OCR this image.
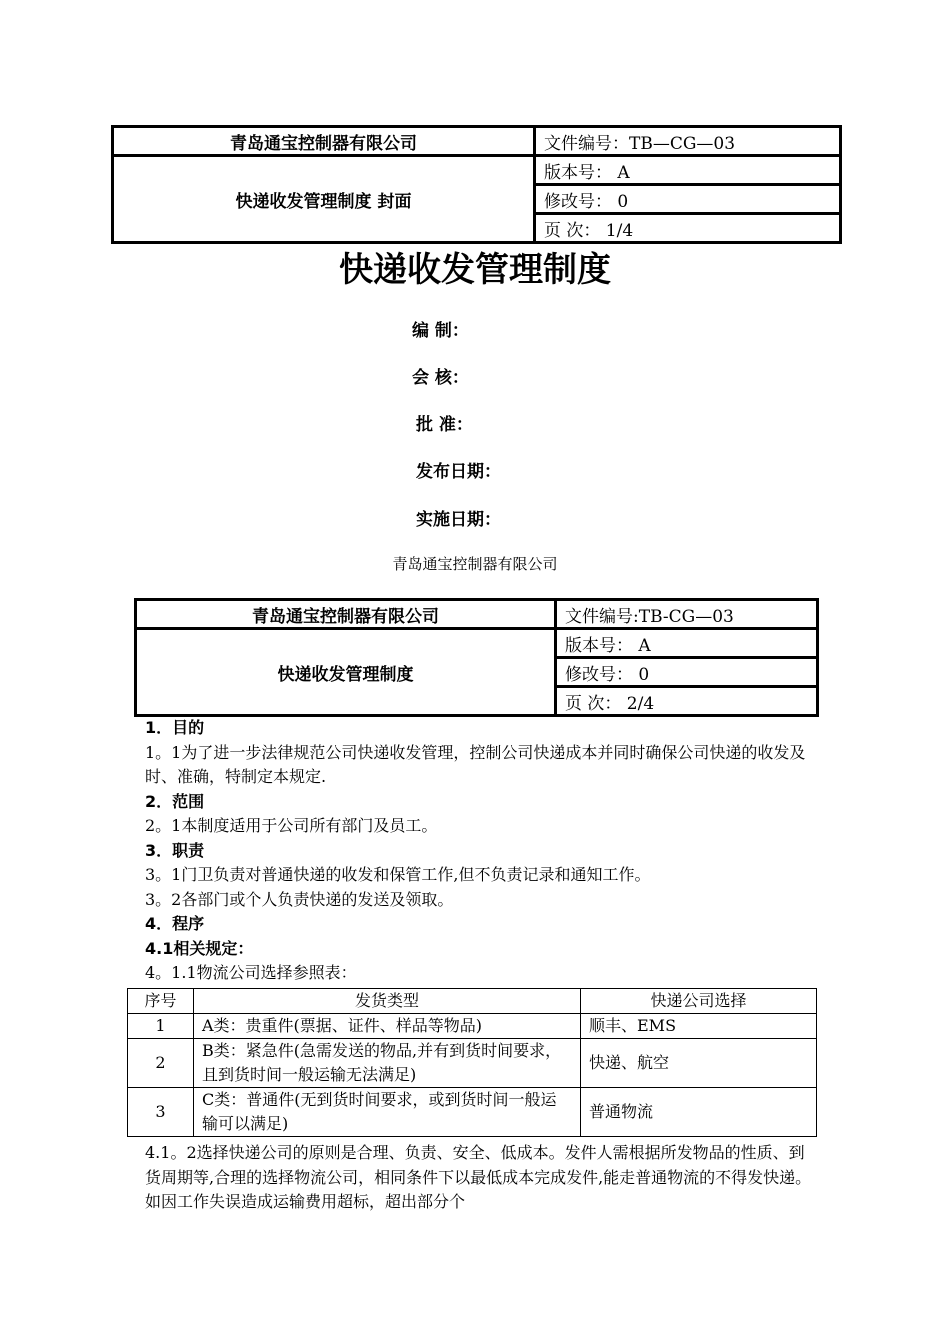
青岛通宝控制器有限公司	文件编号：TB—CG—03
快递收发管理制度 封面	版本号： A
	修改号： 0
	页 次： 1/4
快递收发管理制度
编 制：
会 核：
批 准：
发布日期：
实施日期：
青岛通宝控制器有限公司
青岛通宝控制器有限公司	文件编号:TB-CG—03
快递收发管理制度	版本号： A
	修改号： 0
	页 次： 2/4
1．目的
1。1为了进一步法律规范公司快递收发管理，控制公司快递成本并同时确保公司快递的收发及时、准确，特制定本规定.
2．范围
2。1本制度适用于公司所有部门及员工。
3．职责
3。1门卫负责对普通快递的收发和保管工作,但不负责记录和通知工作。
3。2各部门或个人负责快递的发送及领取。
4．程序
4.1相关规定：
4。1.1物流公司选择参照表：
序号	发货类型	快递公司选择
1	A类：贵重件(票据、证件、样品等物品)	顺丰、EMS
2	B类：紧急件(急需发送的物品,并有到货时间要求，且到货时间一般运输无法满足)	快递、航空
3	C类：普通件(无到货时间要求，或到货时间一般运输可以满足)	普通物流
4.1。2选择快递公司的原则是合理、负责、安全、低成本。发件人需根据所发物品的性质、到货周期等,合理的选择物流公司，相同条件下以最低成本完成发件,能走普通物流的不得发快递。如因工作失误造成运输费用超标，超出部分个
